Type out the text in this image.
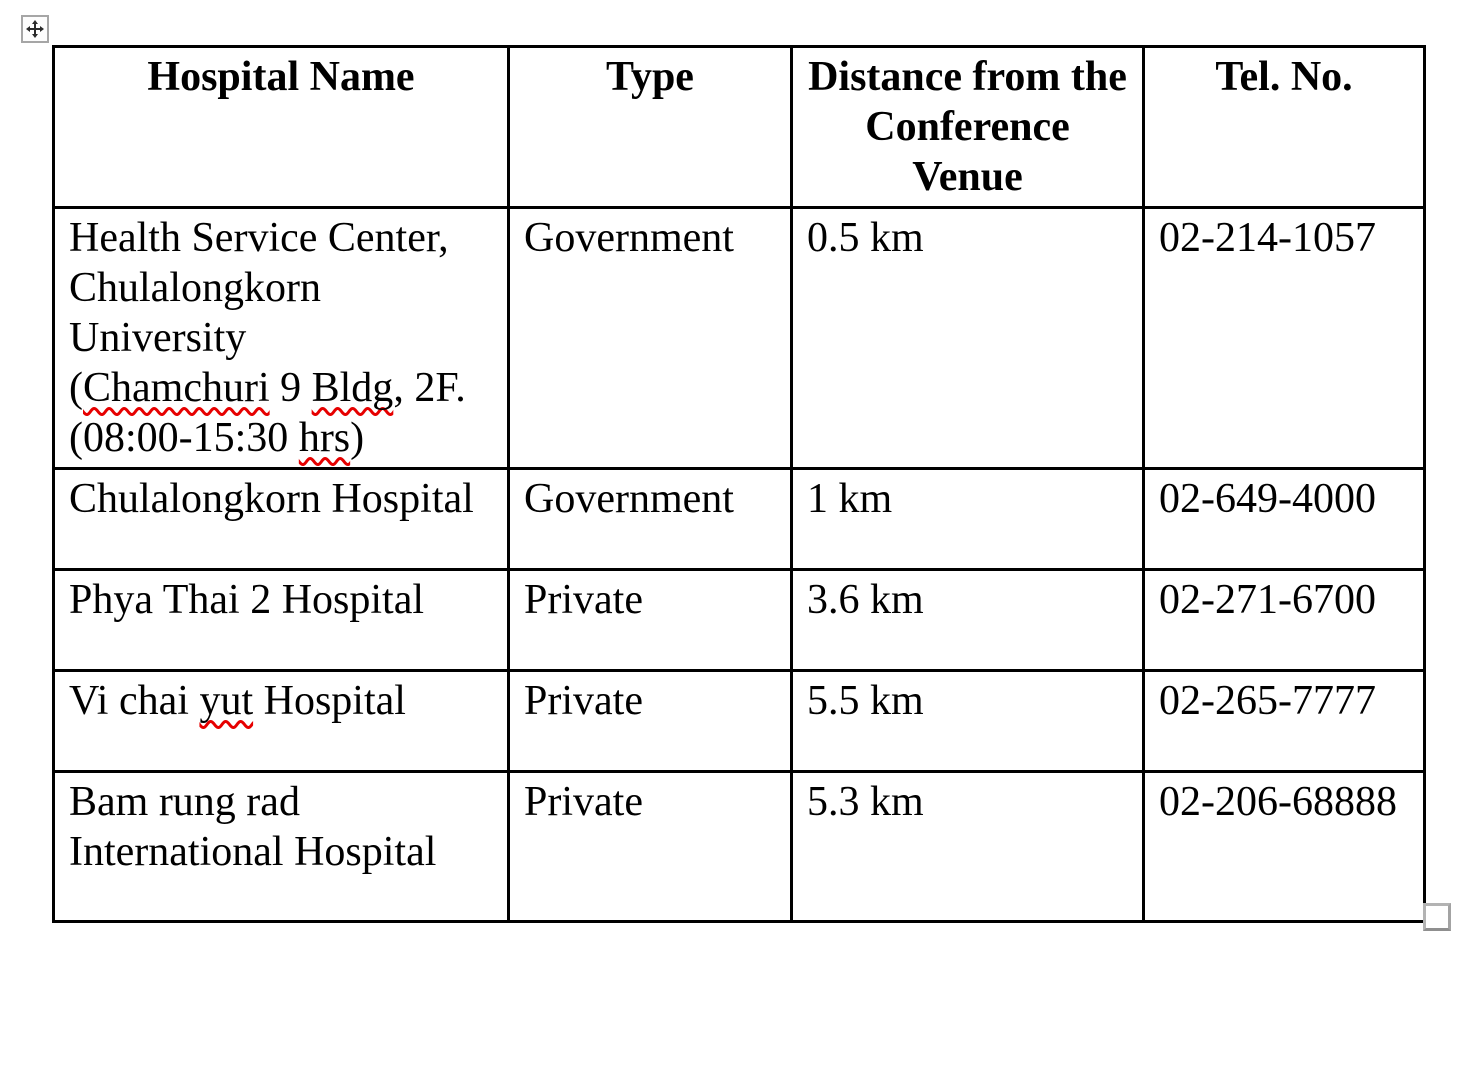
Hospital Name	Type	Distance from the Conference Venue	Tel. No.

Health Service Center,
Chulalongkorn
University
(Chamchuri 9 Bldg, 2F.
(08:00-15:30 hrs)	Government	0.5 km	02-214-1057

Chulalongkorn Hospital	Government	1 km	02-649-4000

Phya Thai 2 Hospital	Private	3.6 km	02-271-6700

Vi chai yut Hospital	Private	5.5 km	02-265-7777

Bam rung rad
International Hospital	Private	5.3 km	02-206-68888
